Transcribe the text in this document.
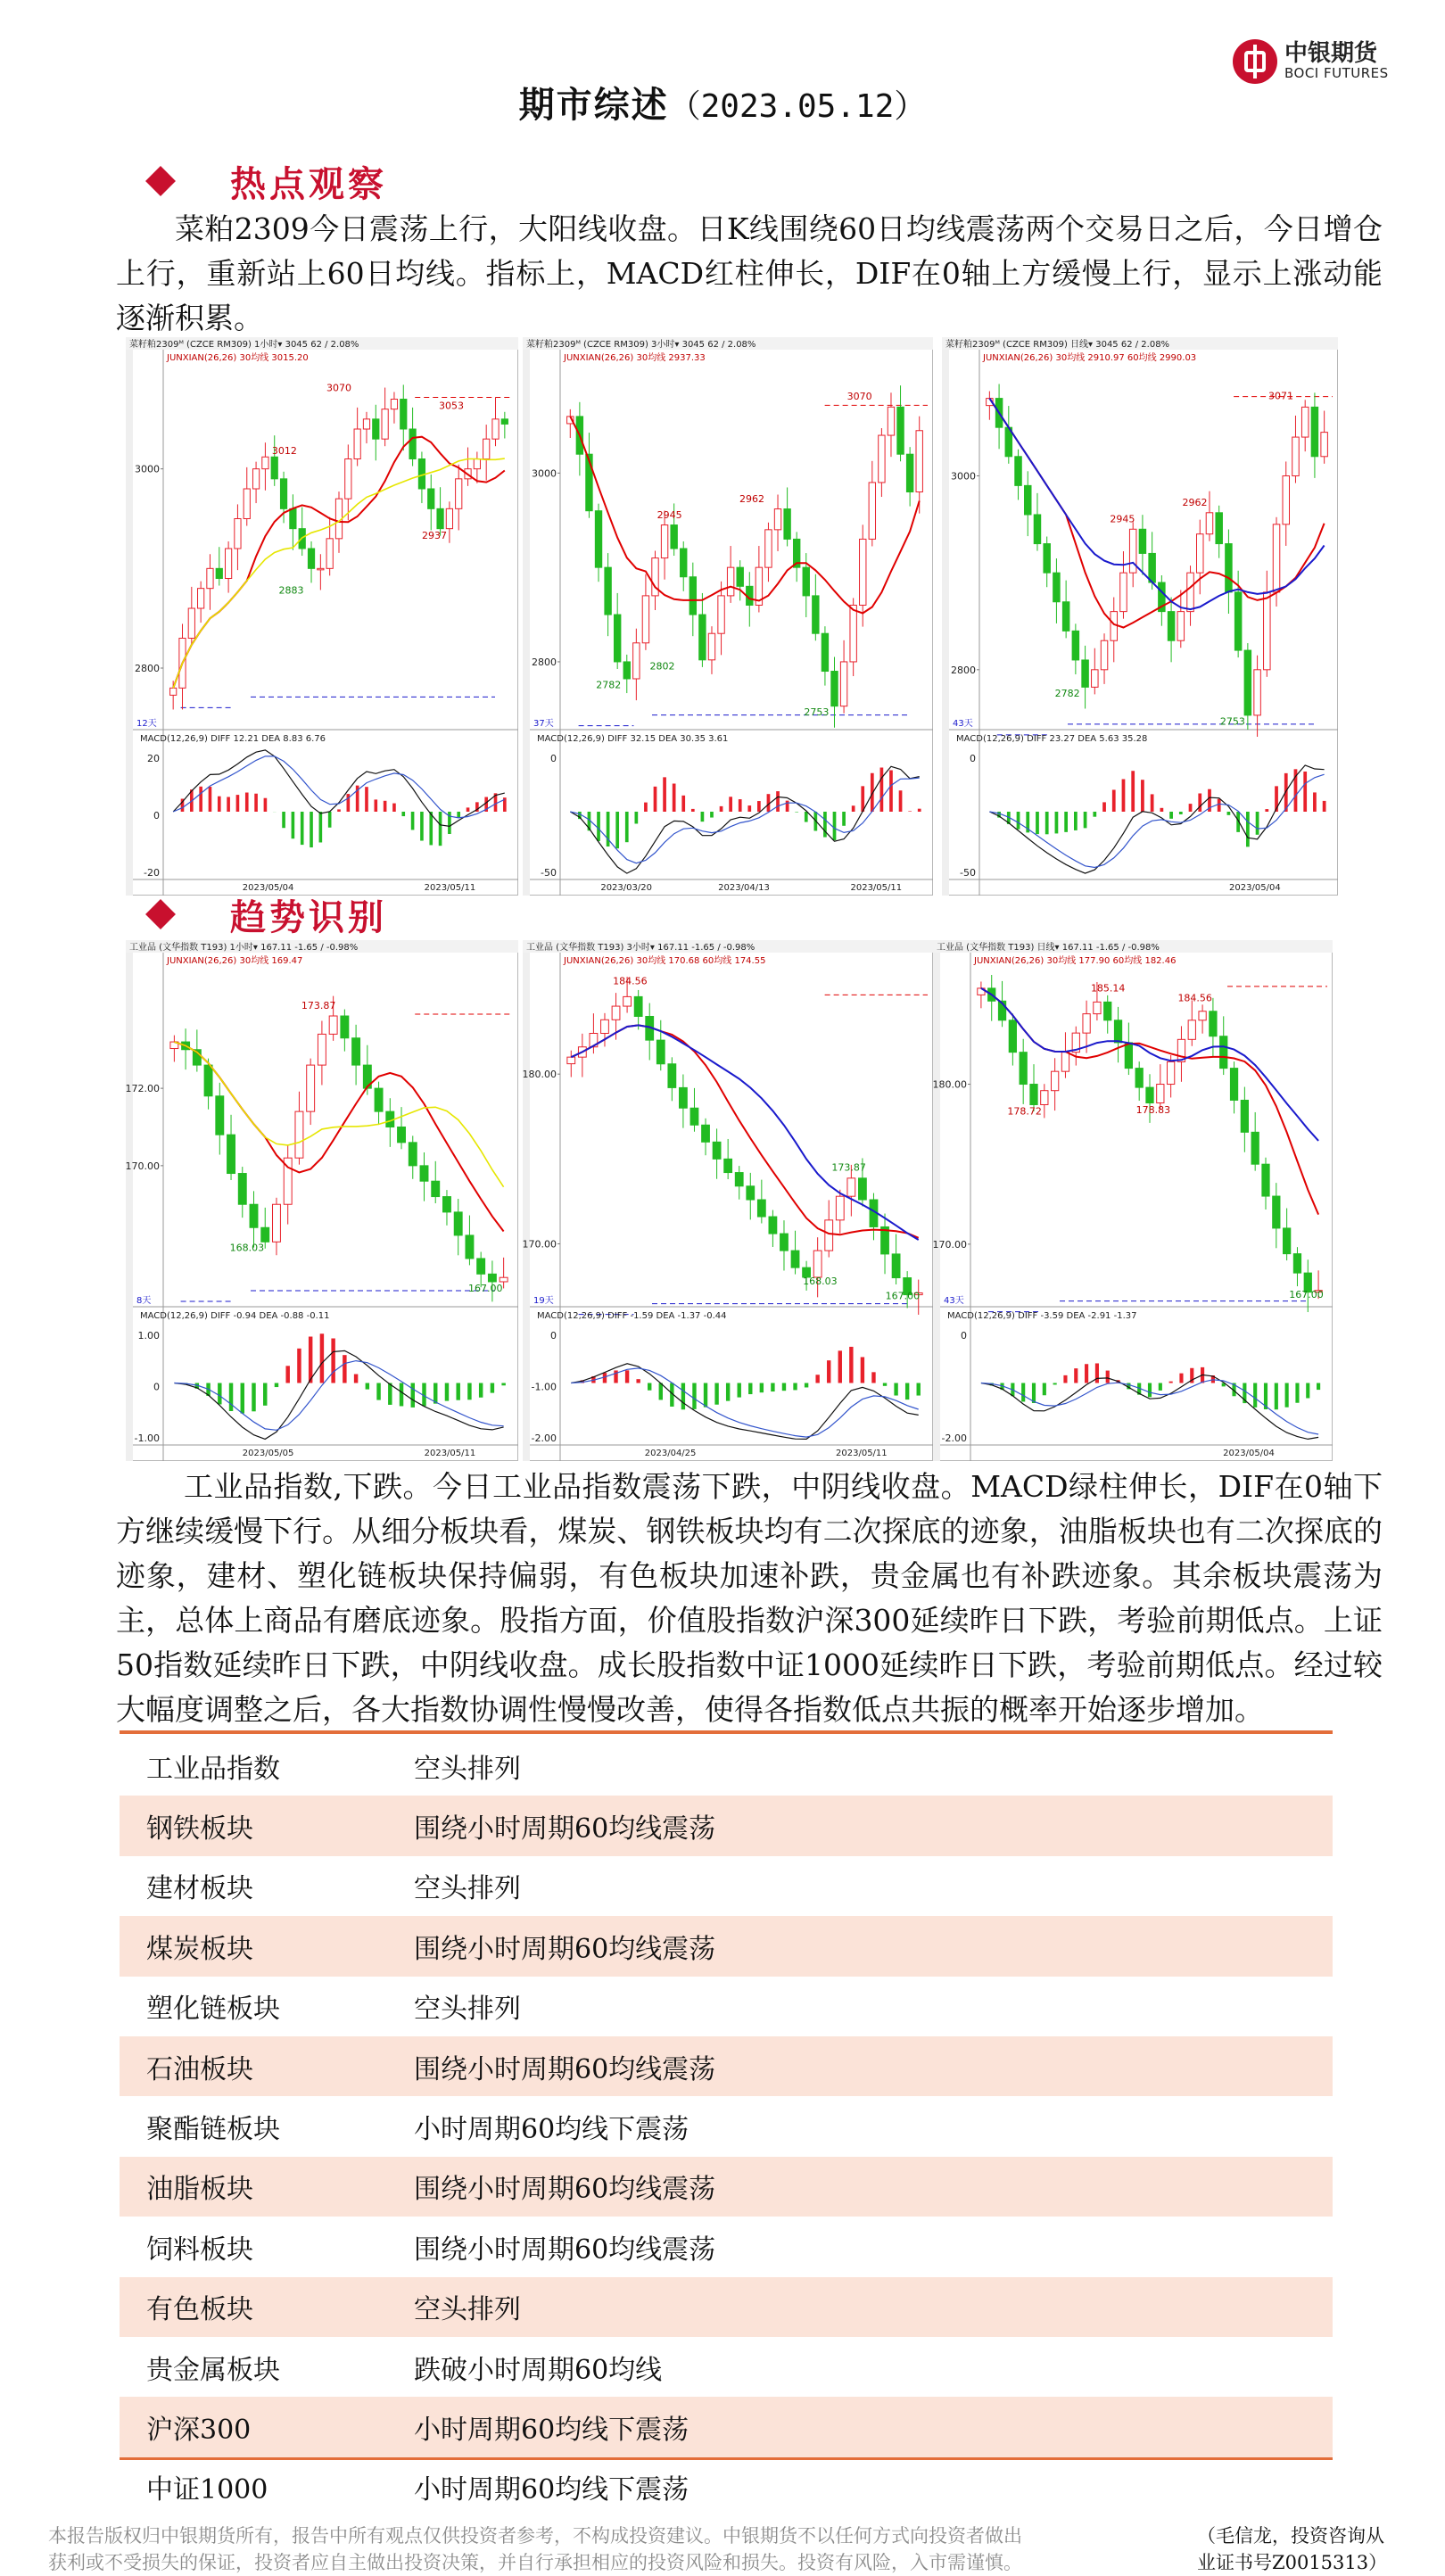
中银期货
BOCI FUTURES
期市综述（2023.05.12）
热点观察
菜粕2309今日震荡上行，大阳线收盘。日K线围绕60日均线震荡两个交易日之后，今日增仓上行，重新站上60日均线。指标上，MACD红柱伸长，DIF在0轴上方缓慢上行，显示上涨动能逐渐积累。
菜籽粕2309ᴹ (CZCE RM309) 1小时▾ 3045 62 / 2.08%
JUNXIAN(26,26) 30均线 3015.20
3000
2800
3070
3012
3053
2883
2937
12天
MACD(12,26,9) DIFF 12.21 DEA 8.83 6.76
20
0
-20
2023/05/04	2023/05/11
菜籽粕2309ᴹ (CZCE RM309) 3小时▾ 3045 62 / 2.08%
JUNXIAN(26,26) 30均线 2937.33
3000
2800
3070
2945
2962
2782
2802
2753
37天
MACD(12,26,9) DIFF 32.15 DEA 30.35 3.61
0
-50
2023/03/20	2023/04/13	2023/05/11
菜籽粕2309ᴹ (CZCE RM309) 日线▾ 3045 62 / 2.08%
JUNXIAN(26,26) 30均线 2910.97 60均线 2990.03
3000
2800
3071
2945
2962
2782
2753
43天
MACD(12,26,9) DIFF 23.27 DEA 5.63 35.28
0
-50
2023/05/04
趋势识别
工业品 (文华指数 T193) 1小时▾ 167.11 -1.65 / -0.98%
JUNXIAN(26,26) 30均线 169.47
172.00
170.00
173.87
168.03
167.00
8天
MACD(12,26,9) DIFF -0.94 DEA -0.88 -0.11
1.00
0
-1.00
2023/05/05	2023/05/11
工业品 (文华指数 T193) 3小时▾ 167.11 -1.65 / -0.98%
JUNXIAN(26,26) 30均线 170.68 60均线 174.55
180.00
170.00
184.56
173.87
168.03
167.00
19天
MACD(12,26,9) DIFF -1.59 DEA -1.37 -0.44
0
-1.00
-2.00
2023/04/25	2023/05/11
工业品 (文华指数 T193) 日线▾ 167.11 -1.65 / -0.98%
JUNXIAN(26,26) 30均线 177.90 60均线 182.46
180.00
170.00
185.14
184.56
178.72	178.83
167.00
43天
MACD(12,26,9) DIFF -3.59 DEA -2.91 -1.37
0
-2.00
2023/05/04
工业品指数,下跌。今日工业品指数震荡下跌，中阴线收盘。MACD绿柱伸长，DIF在0轴下方继续缓慢下行。从细分板块看，煤炭、钢铁板块均有二次探底的迹象，油脂板块也有二次探底的迹象，建材、塑化链板块保持偏弱，有色板块加速补跌，贵金属也有补跌迹象。其余板块震荡为主，总体上商品有磨底迹象。股指方面，价值股指数沪深300延续昨日下跌，考验前期低点。上证50指数延续昨日下跌，中阴线收盘。成长股指数中证1000延续昨日下跌，考验前期低点。经过较大幅度调整之后，各大指数协调性慢慢改善，使得各指数低点共振的概率开始逐步增加。
工业品指数	空头排列
钢铁板块	围绕小时周期60均线震荡
建材板块	空头排列
煤炭板块	围绕小时周期60均线震荡
塑化链板块	空头排列
石油板块	围绕小时周期60均线震荡
聚酯链板块	小时周期60均线下震荡
油脂板块	围绕小时周期60均线震荡
饲料板块	围绕小时周期60均线震荡
有色板块	空头排列
贵金属板块	跌破小时周期60均线
沪深300	小时周期60均线下震荡
中证1000	小时周期60均线下震荡
本报告版权归中银期货所有，报告中所有观点仅供投资者参考，不构成投资建议。中银期货不以任何方式向投资者做出
获利或不受损失的保证，投资者应自主做出投资决策，并自行承担相应的投资风险和损失。投资有风险，入市需谨慎。
（毛信龙，投资咨询从
业证书号Z0015313）
